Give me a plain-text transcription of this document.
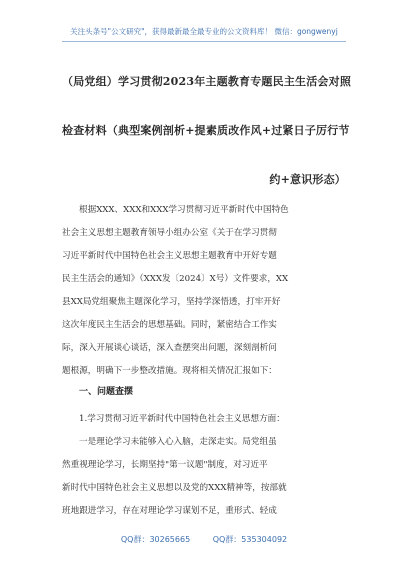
关注头条号"公文研究"，获得最新最全最专业的公文资料库！ 微信：gongwenyj
（局党组）学习贯彻2023年主题教育专题民主生活会对照
检查材料（典型案例剖析+提素质改作风+过紧日子厉行节
约+意识形态）
根据XXX、XXX和XXX学习贯彻习近平新时代中国特色
社会主义思想主题教育领导小组办公室《关于在学习贯彻
习近平新时代中国特色社会主义思想主题教育中开好专题
民主生活会的通知》（XXX发〔2024〕X号）文件要求，XX
县XX局党组聚焦主题深化学习，坚持学深悟透，打牢开好
这次年度民主生活会的思想基础。同时，紧密结合工作实
际，深入开展谈心谈话，深入查摆突出问题，深刻剖析问
题根源，明确下一步整改措施。现将相关情况汇报如下：
一、问题查摆
1.学习贯彻习近平新时代中国特色社会主义思想方面：
一是理论学习未能够入心入脑，走深走实。局党组虽
然重视理论学习，长期坚持"第一议题"制度，对习近平
新时代中国特色社会主义思想以及党的XXX精神等，按部就
班地跟进学习，存在对理论学习谋划不足，重形式、轻成
QQ群：30265665	QQ群：535304092
